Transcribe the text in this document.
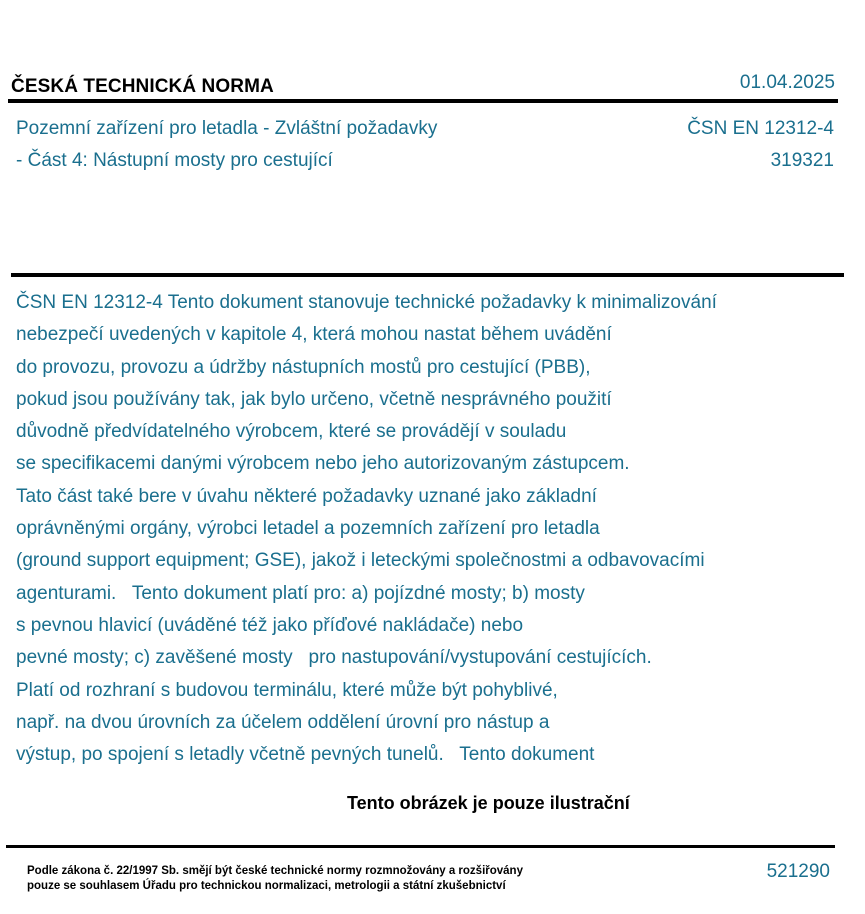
ČESKÁ TECHNICKÁ NORMA	01.04.2025
Pozemní zařízení pro letadla - Zvláštní požadavky
- Část 4: Nástupní mosty pro cestující
ČSN EN 12312-4
319321
ČSN EN 12312-4 Tento dokument stanovuje technické požadavky k minimalizování
nebezpečí uvedených v kapitole 4, která mohou nastat během uvádění
do provozu, provozu a údržby nástupních mostů pro cestující (PBB),
pokud jsou používány tak, jak bylo určeno, včetně nesprávného použití
důvodně předvídatelného výrobcem, které se provádějí v souladu
se specifikacemi danými výrobcem nebo jeho autorizovaným zástupcem.
Tato část také bere v úvahu některé požadavky uznané jako základní
oprávněnými orgány, výrobci letadel a pozemních zařízení pro letadla
(ground support equipment; GSE), jakož i leteckými společnostmi a odbavovacími
agenturami.   Tento dokument platí pro: a) pojízdné mosty; b) mosty
s pevnou hlavicí (uváděné též jako příďové nakládače) nebo
pevné mosty; c) zavěšené mosty   pro nastupování/vystupování cestujících.
Platí od rozhraní s budovou terminálu, které může být pohyblivé,
např. na dvou úrovních za účelem oddělení úrovní pro nástup a
výstup, po spojení s letadly včetně pevných tunelů.   Tento dokument
Tento obrázek je pouze ilustrační
Podle zákona č. 22/1997 Sb. smějí být české technické normy rozmnožovány a rozšiřovány
pouze se souhlasem Úřadu pro technickou normalizaci, metrologii a státní zkušebnictví
521290
